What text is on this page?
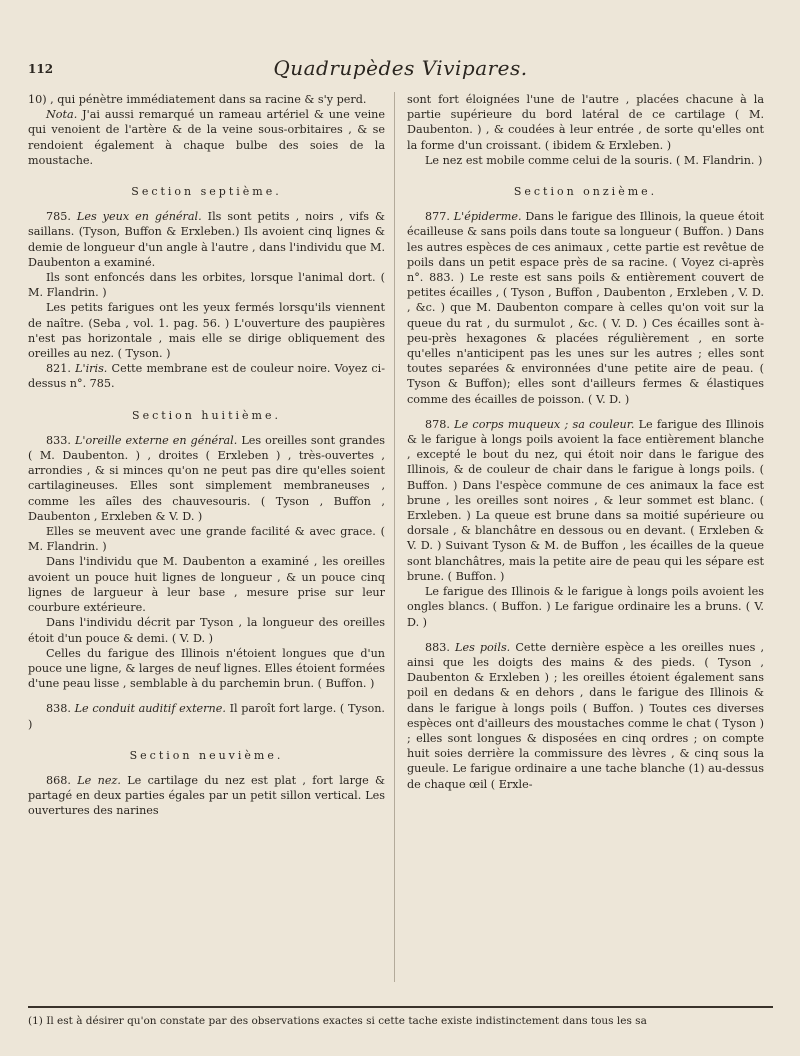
112	Quadrupèdes Vivipares.

10) , qui pénètre immédiatement dans sa racine & s'y perd.

Nota. J'ai aussi remarqué un rameau artériel & une veine qui venoient de l'artère & de la veine sous-orbitaires , & se rendoient également à chaque bulbe des soies de la moustache.

Section septième.

785. Les yeux en général. Ils sont petits , noirs , vifs & saillans. (Tyson, Buffon & Erxleben.) Ils avoient cinq lignes & demie de longueur d'un angle à l'autre , dans l'individu que M. Daubenton a examiné.

Ils sont enfoncés dans les orbites, lorsque l'animal dort. ( M. Flandrin. )

Les petits farigues ont les yeux fermés lorsqu'ils viennent de naître. (Seba , vol. 1. pag. 56. ) L'ouverture des paupières n'est pas horizontale , mais elle se dirige obliquement des oreilles au nez. ( Tyson. )

821. L'iris. Cette membrane est de couleur noire. Voyez ci-dessus n°. 785.

Section huitième.

833. L'oreille externe en général. Les oreilles sont grandes ( M. Daubenton. ) , droites ( Erxleben ) , très-ouvertes , arrondies , & si minces qu'on ne peut pas dire qu'elles soient cartilagineuses. Elles sont simplement membraneuses , comme les aîles des chauvesouris. ( Tyson , Buffon , Daubenton , Erxleben & V. D. )

Elles se meuvent avec une grande facilité & avec grace. ( M. Flandrin. )

Dans l'individu que M. Daubenton a examiné , les oreilles avoient un pouce huit lignes de longueur , & un pouce cinq lignes de largueur à leur base , mesure prise sur leur courbure extérieure.

Dans l'individu décrit par Tyson , la longueur des oreilles étoit d'un pouce & demi. ( V. D. )

Celles du farigue des Illinois n'étoient longues que d'un pouce une ligne, & larges de neuf lignes. Elles étoient formées d'une peau lisse , semblable à du parchemin brun. ( Buffon. )

838. Le conduit auditif externe. Il paroît fort large. ( Tyson. )

Section neuvième.

868. Le nez. Le cartilage du nez est plat , fort large & partagé en deux parties égales par un petit sillon vertical. Les ouvertures des narines

sont fort éloignées l'une de l'autre , placées chacune à la partie supérieure du bord latéral de ce cartilage ( M. Daubenton. ) , & coudées à leur entrée , de sorte qu'elles ont la forme d'un croissant. ( ibidem & Erxleben. )

Le nez est mobile comme celui de la souris. ( M. Flandrin. )

Section onzième.

877. L'épiderme. Dans le farigue des Illinois, la queue étoit écailleuse & sans poils dans toute sa longueur ( Buffon. ) Dans les autres espèces de ces animaux , cette partie est revêtue de poils dans un petit espace près de sa racine. ( Voyez ci-après n°. 883. ) Le reste est sans poils & entièrement couvert de petites écailles , ( Tyson , Buffon , Daubenton , Erxleben , V. D. , &c. ) que M. Daubenton compare à celles qu'on voit sur la queue du rat , du surmulot , &c. ( V. D. ) Ces écailles sont à-peu-près hexagones & placées régulièrement , en sorte qu'elles n'anticipent pas les unes sur les autres ; elles sont toutes separées & environnées d'une petite aire de peau. ( Tyson & Buffon); elles sont d'ailleurs fermes & élastiques comme des écailles de poisson. ( V. D. )

878. Le corps muqueux ; sa couleur. Le farigue des Illinois & le farigue à longs poils avoient la face entièrement blanche , excepté le bout du nez, qui étoit noir dans le farigue des Illinois, & de couleur de chair dans le farigue à longs poils. ( Buffon. ) Dans l'espèce commune de ces animaux la face est brune , les oreilles sont noires , & leur sommet est blanc. ( Erxleben. ) La queue est brune dans sa moitié supérieure ou dorsale , & blanchâtre en dessous ou en devant. ( Erxleben & V. D. ) Suivant Tyson & M. de Buffon , les écailles de la queue sont blanchâtres, mais la petite aire de peau qui les sépare est brune. ( Buffon. )

Le farigue des Illinois & le farigue à longs poils avoient les ongles blancs. ( Buffon. ) Le farigue ordinaire les a bruns. ( V. D. )

883. Les poils. Cette dernière espèce a les oreilles nues , ainsi que les doigts des mains & des pieds. ( Tyson , Daubenton & Erxleben ) ; les oreilles étoient également sans poil en dedans & en dehors , dans le farigue des Illinois & dans le farigue à longs poils ( Buffon. ) Toutes ces diverses espèces ont d'ailleurs des moustaches comme le chat ( Tyson ) ; elles sont longues & disposées en cinq ordres ; on compte huit soies derrière la commissure des lèvres , & cinq sous la gueule. Le farigue ordinaire a une tache blanche (1) au-dessus de chaque œil ( Erxle-

(1) Il est à désirer qu'on constate par des observations exactes si cette tache existe indistinctement dans tous les sa
